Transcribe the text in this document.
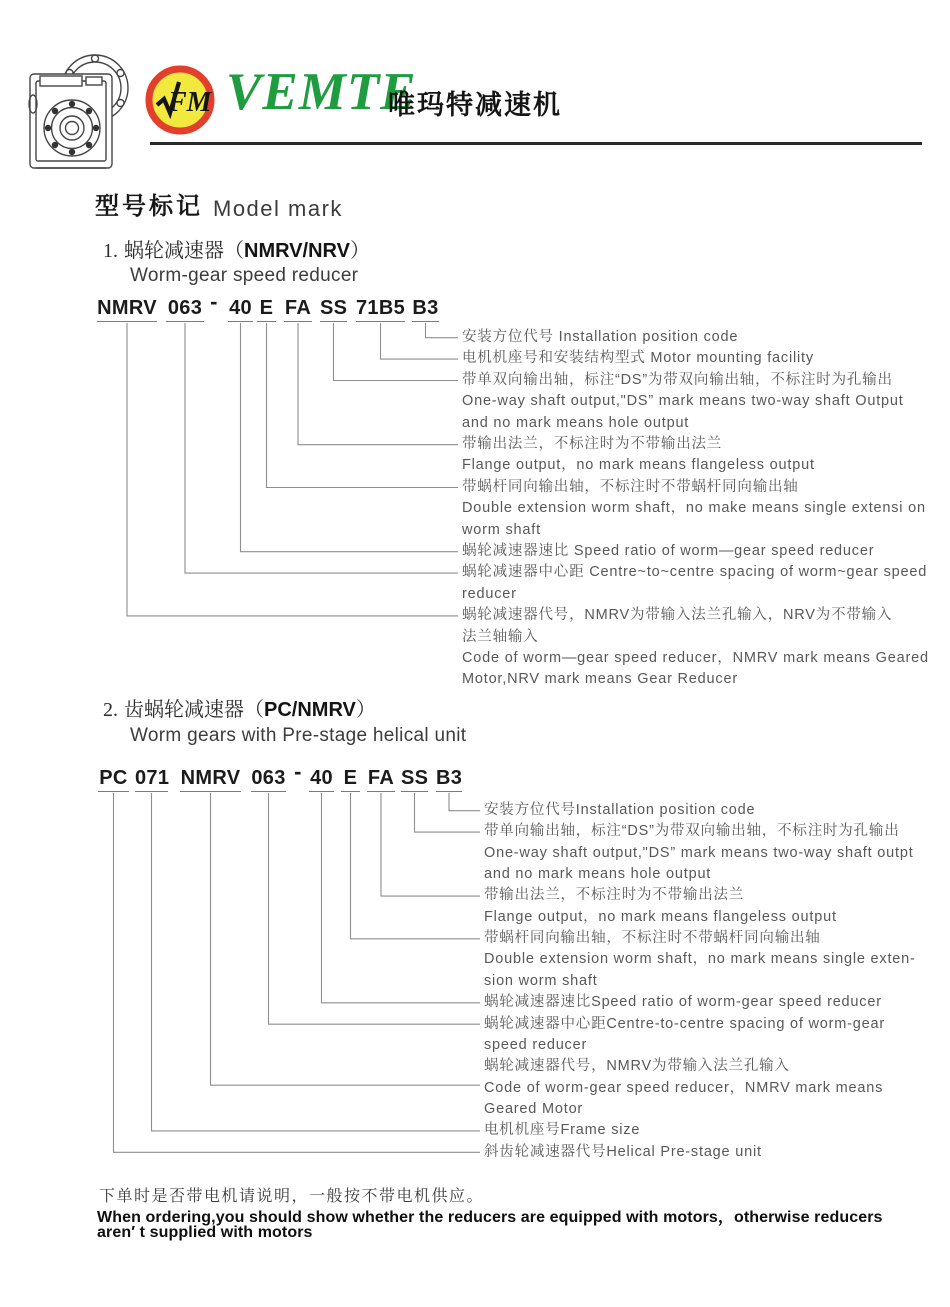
FM VEMTE
唯玛特减速机
型号标记 Model mark
1. 蜗轮减速器（NMRV/NRV）
Worm-gear speed reducer
2. 齿蜗轮减速器（PC/NMRV）
Worm gears with Pre-stage helical unit
下单时是否带电机请说明，一般按不带电机供应。
When ordering,you should show whether the reducers are equipped with motors，otherwise reducers
aren′ t supplied with motors
NMRV 063 - 40 E FA SS 71B5 B3
安装方位代号 Installation position code
电机机座号和安装结构型式 Motor mounting facility
带单双向输出轴，标注“DS”为带双向输出轴，不标注时为孔输出
One-way shaft output,"DS” mark means two-way shaft Output
and no mark means hole output
带输出法兰，不标注时为不带输出法兰
Flange output，no mark means flangeless output
带蜗杆同向输出轴，不标注时不带蜗杆同向输出轴
Double extension worm shaft，no make means single extensi on
worm shaft
蜗轮减速器速比 Speed ratio of worm—gear speed reducer
蜗轮减速器中心距 Centre~to~centre spacing of worm~gear speed
reducer
蜗轮减速器代号，NMRV为带输入法兰孔输入，NRV为不带输入
法兰轴输入
Code of worm—gear speed reducer，NMRV mark means Geared
Motor,NRV mark means Gear Reducer
PC 071 NMRV 063 - 40 E FA SS B3
安装方位代号Installation position code
带单向输出轴，标注“DS”为带双向输出轴，不标注时为孔输出
One-way shaft output,"DS” mark means two-way shaft outpt
and no mark means hole output
带输出法兰，不标注时为不带输出法兰
Flange output，no mark means flangeless output
带蜗杆同向输出轴，不标注时不带蜗杆同向输出轴
Double extension worm shaft，no mark means single exten-
sion worm shaft
蜗轮减速器速比Speed ratio of worm-gear speed reducer
蜗轮减速器中心距Centre-to-centre spacing of worm-gear
speed reducer
蜗轮减速器代号，NMRV为带输入法兰孔输入
Code of worm-gear speed reducer，NMRV mark means
Geared Motor
电机机座号Frame size
斜齿轮减速器代号Helical Pre-stage unit
